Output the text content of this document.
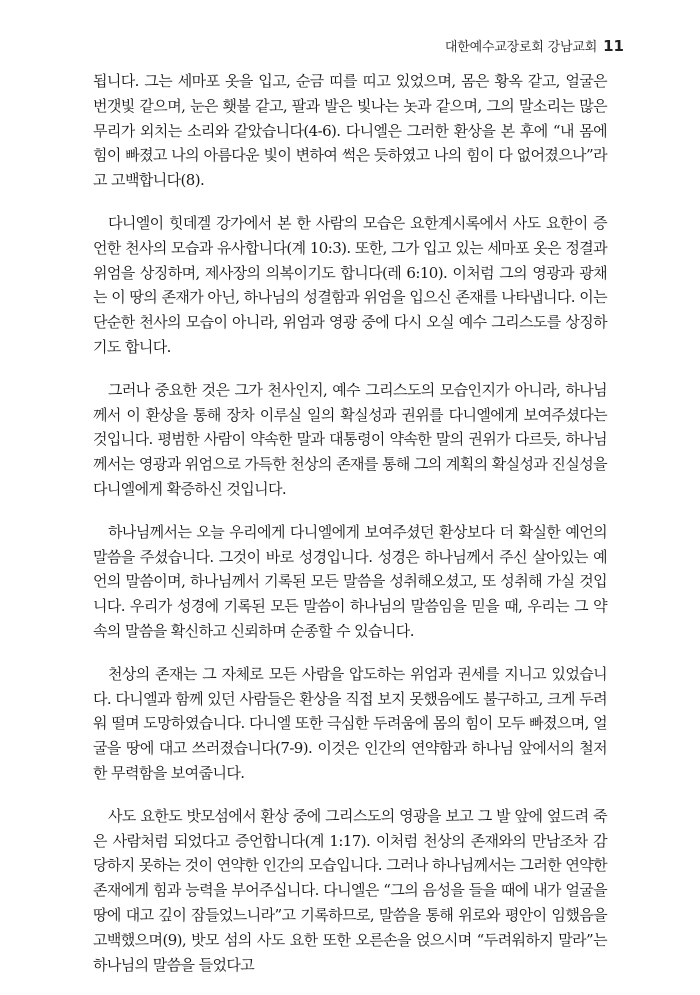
대한예수교장로회 강남교회 11

됩니다. 그는 세마포 옷을 입고, 순금 띠를 띠고 있었으며, 몸은 황옥 같고, 얼굴은 번갯빛 같으며, 눈은 횃불 같고, 팔과 발은 빛나는 놋과 같으며, 그의 말소리는 많은 무리가 외치는 소리와 같았습니다(4-6). 다니엘은 그러한 환상을 본 후에 “내 몸에 힘이 빠졌고 나의 아름다운 빛이 변하여 썩은 듯하였고 나의 힘이 다 없어졌으나”라고 고백합니다(8).

다니엘이 힛데겔 강가에서 본 한 사람의 모습은 요한계시록에서 사도 요한이 증언한 천사의 모습과 유사합니다(계 10:3). 또한, 그가 입고 있는 세마포 옷은 정결과 위엄을 상징하며, 제사장의 의복이기도 합니다(레 6:10). 이처럼 그의 영광과 광채는 이 땅의 존재가 아닌, 하나님의 성결함과 위엄을 입으신 존재를 나타냅니다. 이는 단순한 천사의 모습이 아니라, 위엄과 영광 중에 다시 오실 예수 그리스도를 상징하기도 합니다.

그러나 중요한 것은 그가 천사인지, 예수 그리스도의 모습인지가 아니라, 하나님께서 이 환상을 통해 장차 이루실 일의 확실성과 권위를 다니엘에게 보여주셨다는 것입니다. 평범한 사람이 약속한 말과 대통령이 약속한 말의 권위가 다르듯, 하나님께서는 영광과 위엄으로 가득한 천상의 존재를 통해 그의 계획의 확실성과 진실성을 다니엘에게 확증하신 것입니다.

하나님께서는 오늘 우리에게 다니엘에게 보여주셨던 환상보다 더 확실한 예언의 말씀을 주셨습니다. 그것이 바로 성경입니다. 성경은 하나님께서 주신 살아있는 예언의 말씀이며, 하나님께서 기록된 모든 말씀을 성취해오셨고, 또 성취해 가실 것입니다. 우리가 성경에 기록된 모든 말씀이 하나님의 말씀임을 믿을 때, 우리는 그 약속의 말씀을 확신하고 신뢰하며 순종할 수 있습니다.

천상의 존재는 그 자체로 모든 사람을 압도하는 위엄과 권세를 지니고 있었습니다. 다니엘과 함께 있던 사람들은 환상을 직접 보지 못했음에도 불구하고, 크게 두려워 떨며 도망하였습니다. 다니엘 또한 극심한 두려움에 몸의 힘이 모두 빠졌으며, 얼굴을 땅에 대고 쓰러졌습니다(7-9). 이것은 인간의 연약함과 하나님 앞에서의 철저한 무력함을 보여줍니다.

사도 요한도 밧모섬에서 환상 중에 그리스도의 영광을 보고 그 발 앞에 엎드려 죽은 사람처럼 되었다고 증언합니다(계 1:17). 이처럼 천상의 존재와의 만남조차 감당하지 못하는 것이 연약한 인간의 모습입니다. 그러나 하나님께서는 그러한 연약한 존재에게 힘과 능력을 부어주십니다. 다니엘은 “그의 음성을 들을 때에 내가 얼굴을 땅에 대고 깊이 잠들었느니라”고 기록하므로, 말씀을 통해 위로와 평안이 임했음을 고백했으며(9), 밧모 섬의 사도 요한 또한 오른손을 얹으시며 “두려워하지 말라”는 하나님의 말씀을 들었다고
